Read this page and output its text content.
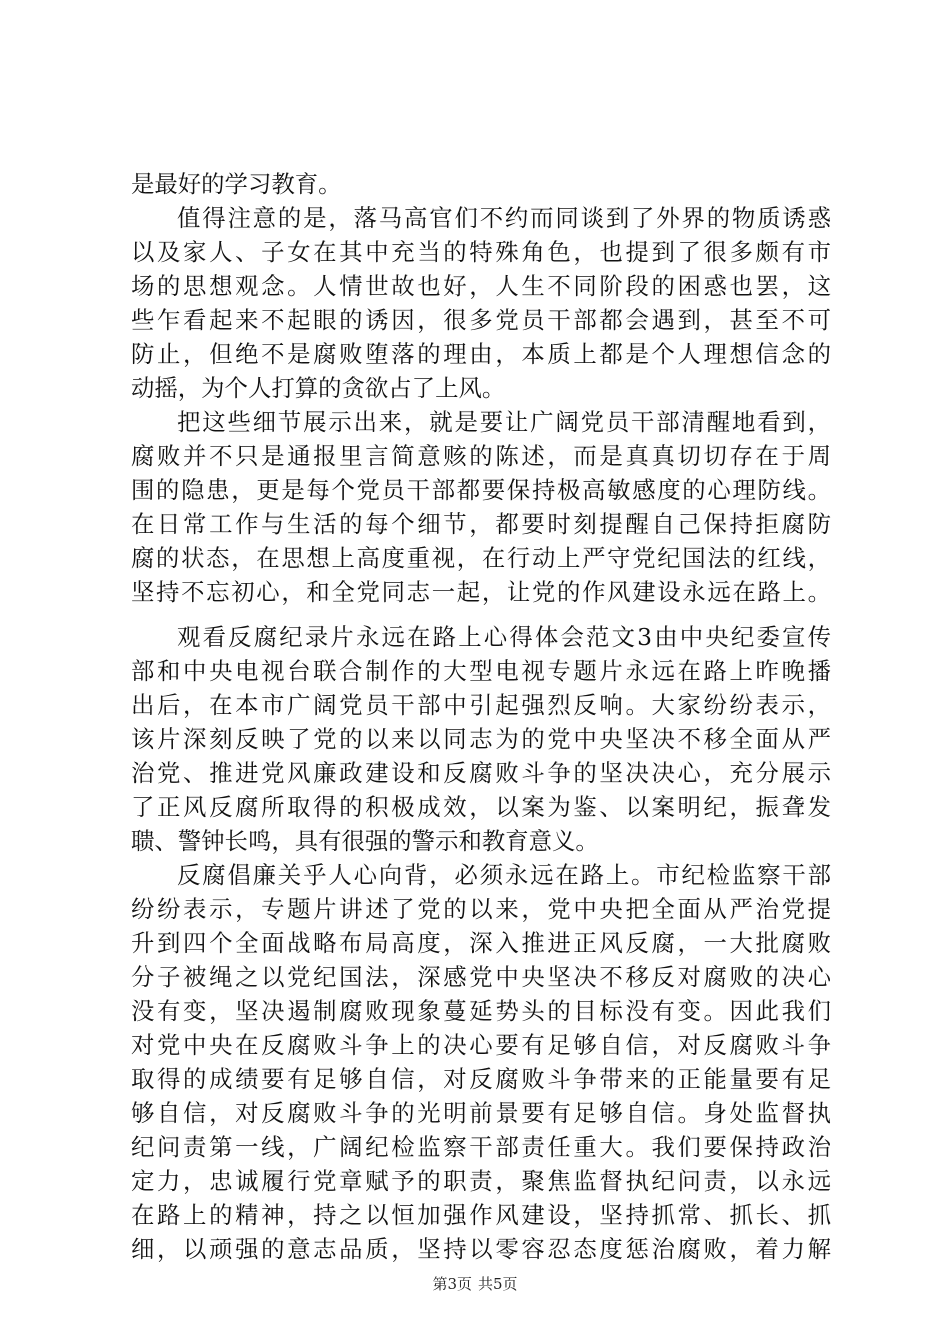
是最好的学习教育。
值得注意的是，落马高官们不约而同谈到了外界的物质诱惑
以及家人、子女在其中充当的特殊角色，也提到了很多颇有市
场的思想观念。人情世故也好，人生不同阶段的困惑也罢，这
些乍看起来不起眼的诱因，很多党员干部都会遇到，甚至不可
防止，但绝不是腐败堕落的理由，本质上都是个人理想信念的
动摇，为个人打算的贪欲占了上风。
把这些细节展示出来，就是要让广阔党员干部清醒地看到，
腐败并不只是通报里言简意赅的陈述，而是真真切切存在于周
围的隐患，更是每个党员干部都要保持极高敏感度的心理防线。
在日常工作与生活的每个细节，都要时刻提醒自己保持拒腐防
腐的状态，在思想上高度重视，在行动上严守党纪国法的红线，
坚持不忘初心，和全党同志一起，让党的作风建设永远在路上。
观看反腐纪录片永远在路上心得体会范文3由中央纪委宣传
部和中央电视台联合制作的大型电视专题片永远在路上昨晚播
出后，在本市广阔党员干部中引起强烈反响。大家纷纷表示，
该片深刻反映了党的以来以同志为的党中央坚决不移全面从严
治党、推进党风廉政建设和反腐败斗争的坚决决心，充分展示
了正风反腐所取得的积极成效，以案为鉴、以案明纪，振聋发
聩、警钟长鸣，具有很强的警示和教育意义。
反腐倡廉关乎人心向背，必须永远在路上。市纪检监察干部
纷纷表示，专题片讲述了党的以来，党中央把全面从严治党提
升到四个全面战略布局高度，深入推进正风反腐，一大批腐败
分子被绳之以党纪国法，深感党中央坚决不移反对腐败的决心
没有变，坚决遏制腐败现象蔓延势头的目标没有变。因此我们
对党中央在反腐败斗争上的决心要有足够自信，对反腐败斗争
取得的成绩要有足够自信，对反腐败斗争带来的正能量要有足
够自信，对反腐败斗争的光明前景要有足够自信。身处监督执
纪问责第一线，广阔纪检监察干部责任重大。我们要保持政治
定力，忠诚履行党章赋予的职责，聚焦监督执纪问责，以永远
在路上的精神，持之以恒加强作风建设，坚持抓常、抓长、抓
细，以顽强的意志品质，坚持以零容忍态度惩治腐败，着力解
第3页 共5页
